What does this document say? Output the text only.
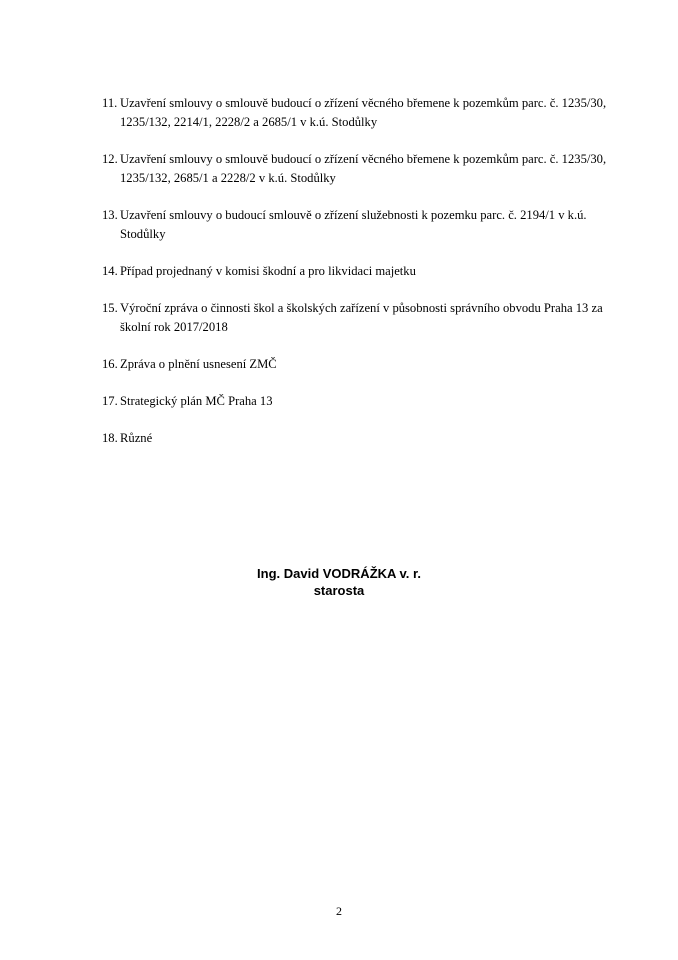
11. Uzavření smlouvy o smlouvě budoucí o zřízení věcného břemene k pozemkům parc. č. 1235/30, 1235/132, 2214/1, 2228/2 a 2685/1 v k.ú. Stodůlky
12. Uzavření smlouvy o smlouvě budoucí o zřízení věcného břemene k pozemkům parc. č. 1235/30, 1235/132, 2685/1 a 2228/2 v k.ú. Stodůlky
13. Uzavření smlouvy o budoucí smlouvě o zřízení služebnosti k pozemku parc. č. 2194/1 v k.ú. Stodůlky
14. Případ projednaný v komisi škodní a pro likvidaci majetku
15. Výroční zpráva o činnosti škol a školských zařízení v působnosti správního obvodu Praha 13 za školní rok 2017/2018
16. Zpráva o plnění usnesení ZMČ
17. Strategický plán MČ Praha 13
18. Různé
Ing. David VODRÁŽKA v. r.
starosta
2
